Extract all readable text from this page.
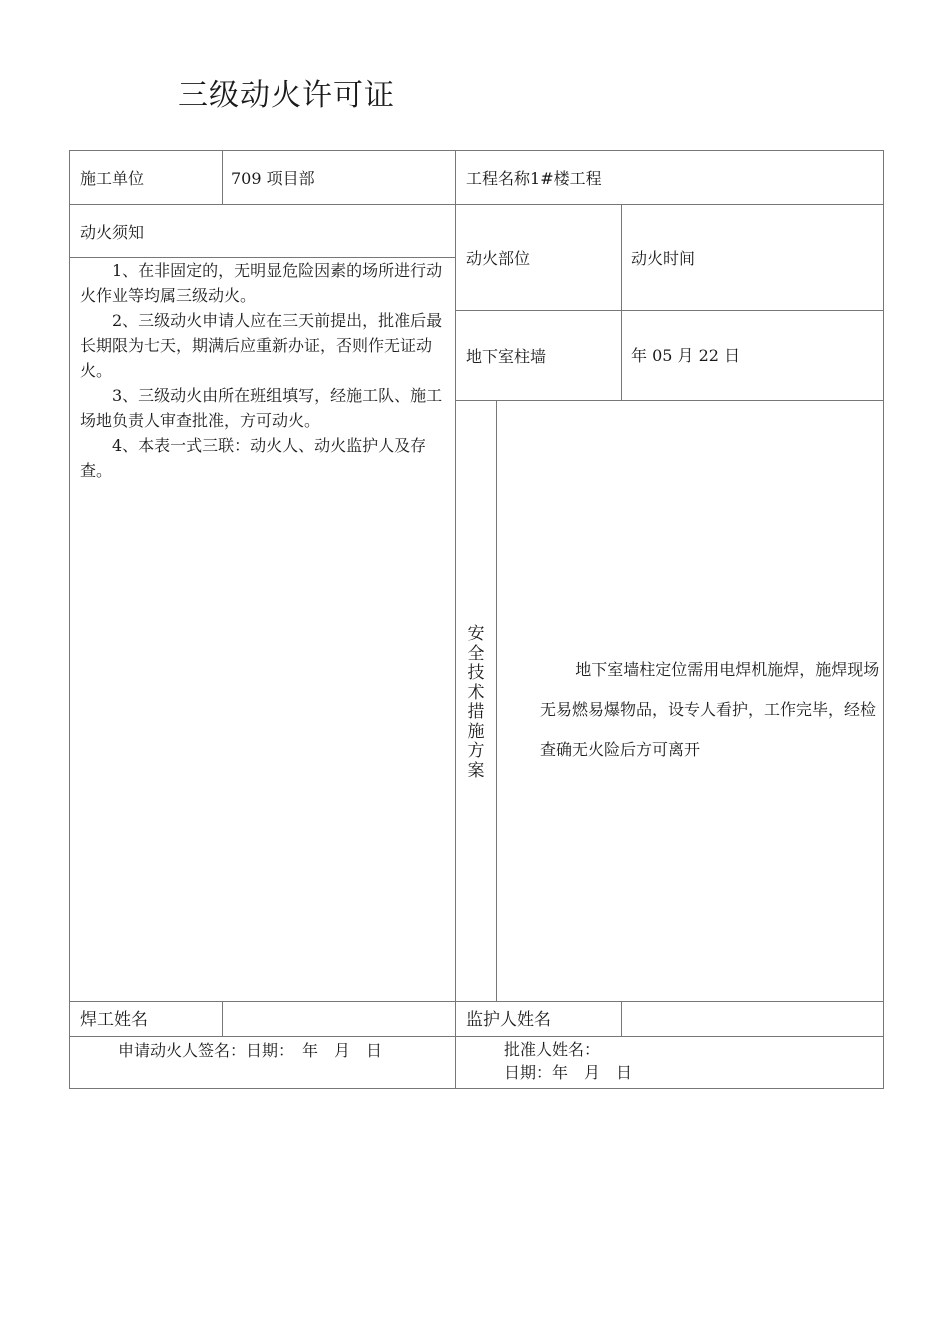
三级动火许可证
施工单位	709 项目部	工程名称1#楼工程
动火须知

1、在非固定的，无明显危险因素的场所进行动火作业等均属三级动火。

2、三级动火申请人应在三天前提出，批准后最长期限为七天，期满后应重新办证，否则作无证动火。

3、三级动火由所在班组填写，经施工队、施工场地负责人审查批准，方可动火。

4、本表一式三联：动火人、动火监护人及存查。

动火部位	动火时间
地下室柱墙	年 05 月 22 日
安全技术措施方案
地下室墙柱定位需用电焊机施焊，施焊现场无易燃易爆物品，设专人看护，工作完毕，经检查确无火险后方可离开
焊工姓名	监护人姓名
申请动火人签名：日期：　年　月　日	批准人姓名：
日期：年　月　日
